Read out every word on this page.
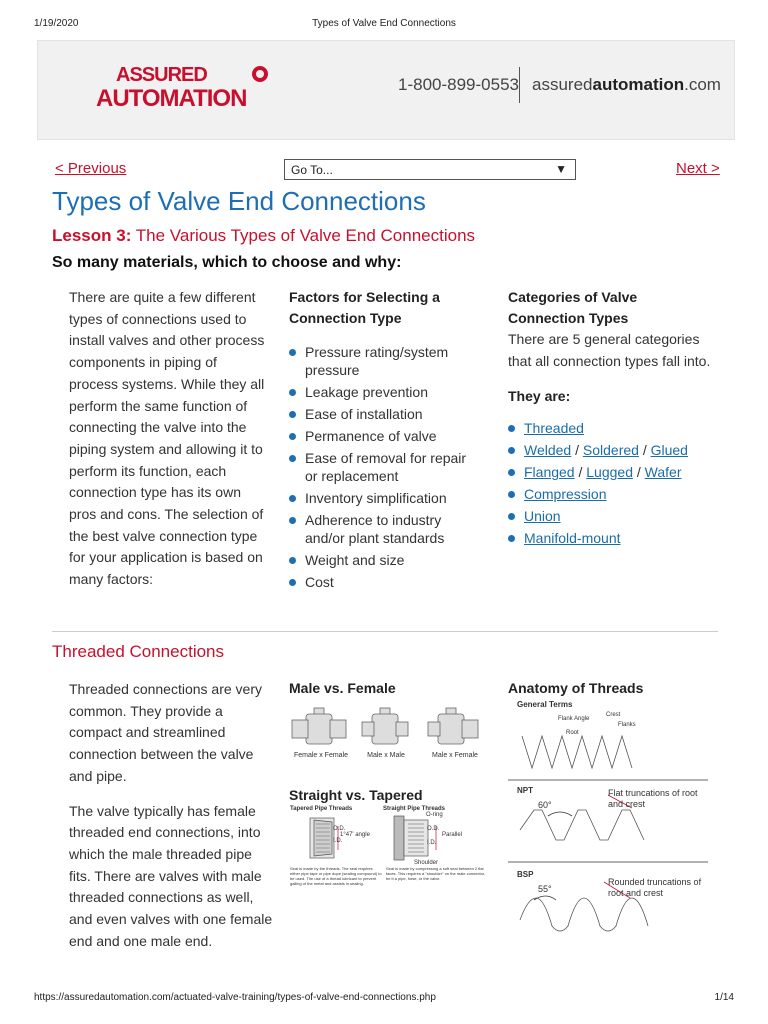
1/19/2020	Types of Valve End Connections
ASSURED
AUTOMATION
1-800-899-0553 assuredautomation.com
< Previous	Go To...	▼	Next >
Types of Valve End Connections
Lesson 3: The Various Types of Valve End Connections
So many materials, which to choose and why:
There are quite a few different types of connections used to install valves and other process components in piping of process systems. While they all perform the same function of connecting the valve into the piping system and allowing it to perform its function, each connection type has its own pros and cons. The selection of the best valve connection type for your application is based on many factors:
Factors for Selecting a Connection Type
Pressure rating/system pressure
Leakage prevention
Ease of installation
Permanence of valve
Ease of removal for repair or replacement
Inventory simplification
Adherence to industry and/or plant standards
Weight and size
Cost
Categories of Valve Connection Types
There are 5 general categories that all connection types fall into.
They are:
Threaded
Welded / Soldered / Glued
Flanged / Lugged / Wafer
Compression
Union
Manifold-mount
Threaded Connections

Threaded connections are very common. They provide a compact and streamlined connection between the valve and pipe.

The valve typically has female threaded end connections, into which the male threaded pipe fits. There are valves with male threaded connections as well, and even valves with one female end and one male end.

Male vs. Female
Female x Female	Male x Male	Male x Female
Straight vs. Tapered
Tapered Pipe Threads	Straight Pipe Threads
O.D.
I.D.
1°47' angle
O-ring
O.D.
I.D.
Parallel
Shoulder
Seal is made by the threads. The seal requires either pipe tape or pipe dope (sealing compound) to be used. The use of a thread lubricant to prevent galling of the metal and assists in sealing.
Seal is made by compressing a soft seal between 2 flat faces. This requires a "shoulder" on the male connector, be it a pipe, hose, or the valve.
Anatomy of Threads
General Terms
Flank Angle
Crest
Flanks
Root
NPT
60°
Flat truncations of root and crest
BSP
55°
Rounded truncations of root and crest
https://assuredautomation.com/actuated-valve-training/types-of-valve-end-connections.php	1/14
